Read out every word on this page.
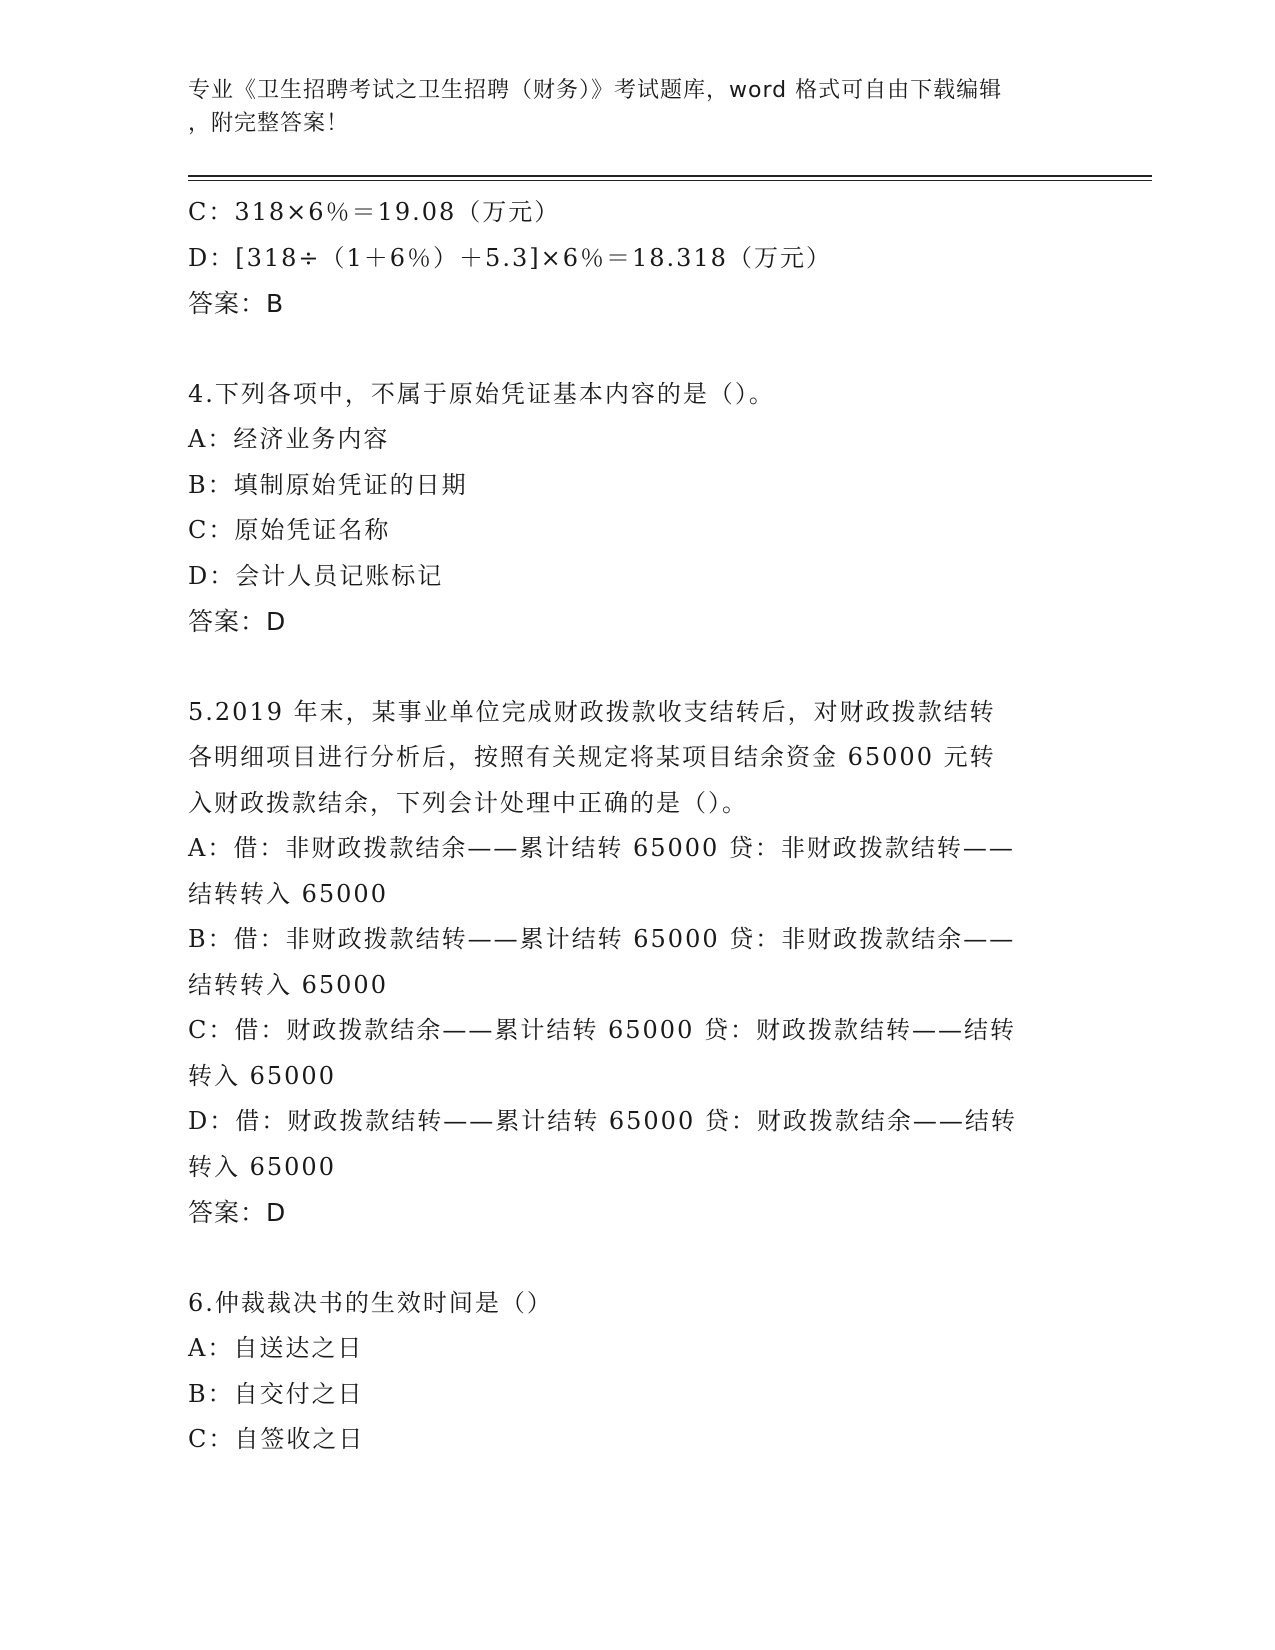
专业《卫生招聘考试之卫生招聘（财务）》考试题库，word 格式可自由下载编辑
，附完整答案！
C：318×6％＝19.08（万元）
D：[318÷（1＋6％）＋5.3]×6％＝18.318（万元）
答案：B
4.下列各项中，不属于原始凭证基本内容的是（）。
A：经济业务内容
B：填制原始凭证的日期
C：原始凭证名称
D：会计人员记账标记
答案：D
5.2019 年末，某事业单位完成财政拨款收支结转后，对财政拨款结转
各明细项目进行分析后，按照有关规定将某项目结余资金 65000 元转
入财政拨款结余，下列会计处理中正确的是（）。
A：借：非财政拨款结余——累计结转 65000 贷：非财政拨款结转——
结转转入 65000
B：借：非财政拨款结转——累计结转 65000 贷：非财政拨款结余——
结转转入 65000
C：借：财政拨款结余——累计结转 65000 贷：财政拨款结转——结转
转入 65000
D：借：财政拨款结转——累计结转 65000 贷：财政拨款结余——结转
转入 65000
答案：D
6.仲裁裁决书的生效时间是（）
A：自送达之日
B：自交付之日
C：自签收之日
